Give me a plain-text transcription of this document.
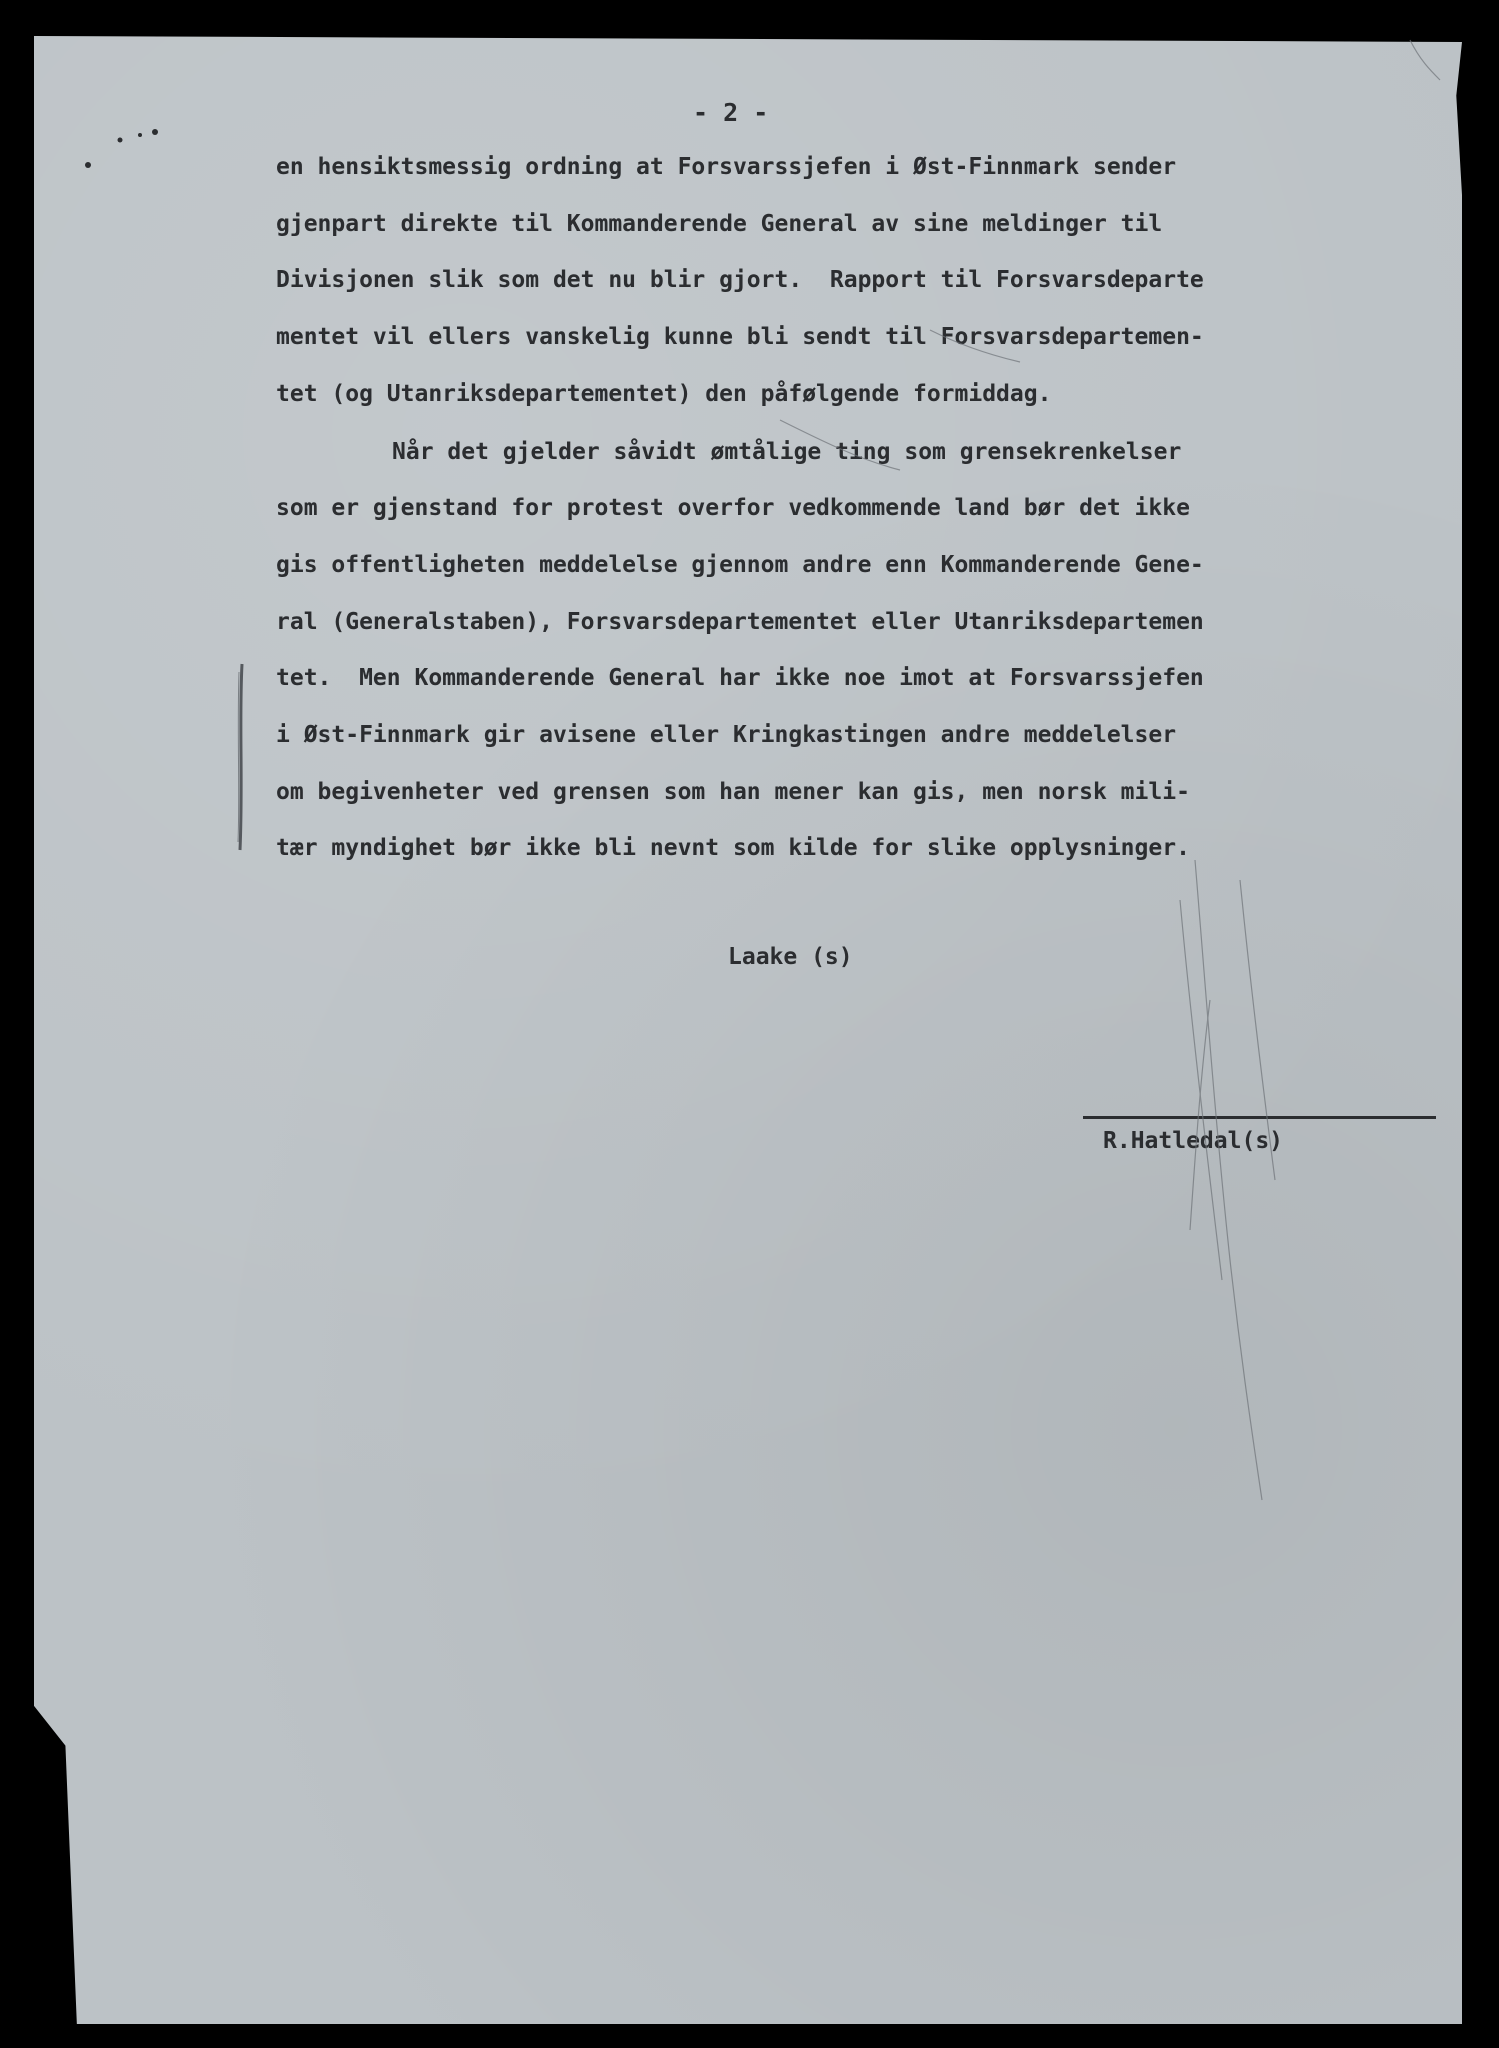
- 2 -
en hensiktsmessig ordning at Forsvarssjefen i Øst-Finnmark sender
gjenpart direkte til Kommanderende General av sine meldinger til
Divisjonen slik som det nu blir gjort.  Rapport til Forsvarsdeparte
mentet vil ellers vanskelig kunne bli sendt til Forsvarsdepartemen-
tet (og Utanriksdepartementet) den påfølgende formiddag.
Når det gjelder såvidt ømtålige ting som grensekrenkelser
som er gjenstand for protest overfor vedkommende land bør det ikke
gis offentligheten meddelelse gjennom andre enn Kommanderende Gene-
ral (Generalstaben), Forsvarsdepartementet eller Utanriksdepartemen
tet.  Men Kommanderende General har ikke noe imot at Forsvarssjefen
i Øst-Finnmark gir avisene eller Kringkastingen andre meddelelser
om begivenheter ved grensen som han mener kan gis, men norsk mili-
tær myndighet bør ikke bli nevnt som kilde for slike opplysninger.
Laake (s)
R.Hatledal(s)
